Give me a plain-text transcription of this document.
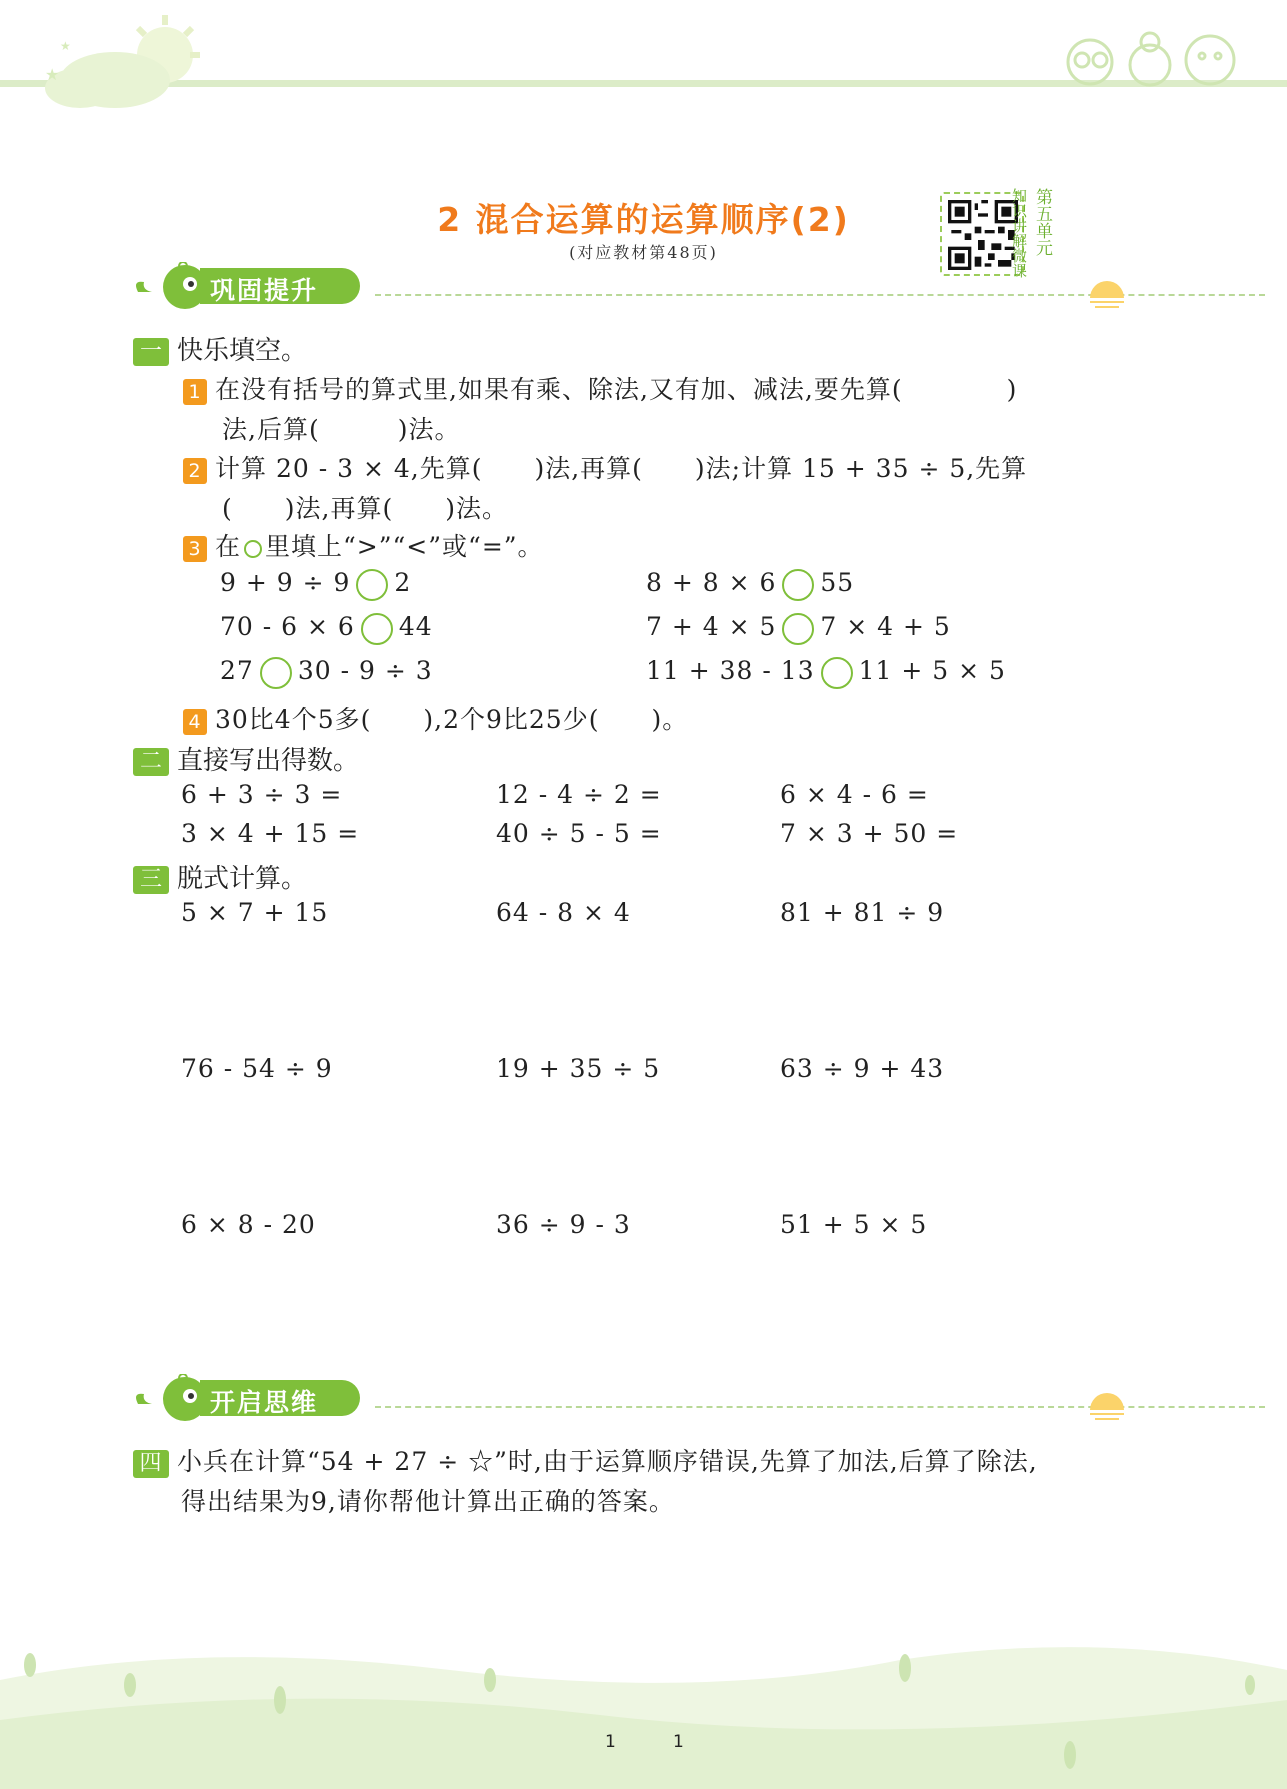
★
★
2 混合运算的运算顺序(2)
(对应教材第48页)	第五单元
知识讲解微课
巩固提升
一 快乐填空。
1 在没有括号的算式里,如果有乘、除法,又有加、减法,要先算(　　　　)
法,后算(　　　)法。
2 计算 20 - 3 × 4,先算(　　)法,再算(　　)法;计算 15 + 35 ÷ 5,先算
(　　)法,再算(　　)法。
3 在 里填上“>”“<”或“=”。
9 + 9 ÷ 9 2	8 + 8 × 6 55
70 - 6 × 6 44	7 + 4 × 5 7 × 4 + 5
27 30 - 9 ÷ 3	11 + 38 - 13 11 + 5 × 5
4 30比4个5多(　　),2个9比25少(　　)。
二 直接写出得数。
6 + 3 ÷ 3 =	12 - 4 ÷ 2 =	6 × 4 - 6 =
3 × 4 + 15 =	40 ÷ 5 - 5 =	7 × 3 + 50 =
三 脱式计算。
5 × 7 + 15	64 - 8 × 4	81 + 81 ÷ 9
76 - 54 ÷ 9	19 + 35 ÷ 5	63 ÷ 9 + 43
6 × 8 - 20	36 ÷ 9 - 3	51 + 5 × 5
开启思维
四 小兵在计算“54 + 27 ÷ ☆”时,由于运算顺序错误,先算了加法,后算了除法,
得出结果为9,请你帮他计算出正确的答案。
1	1
